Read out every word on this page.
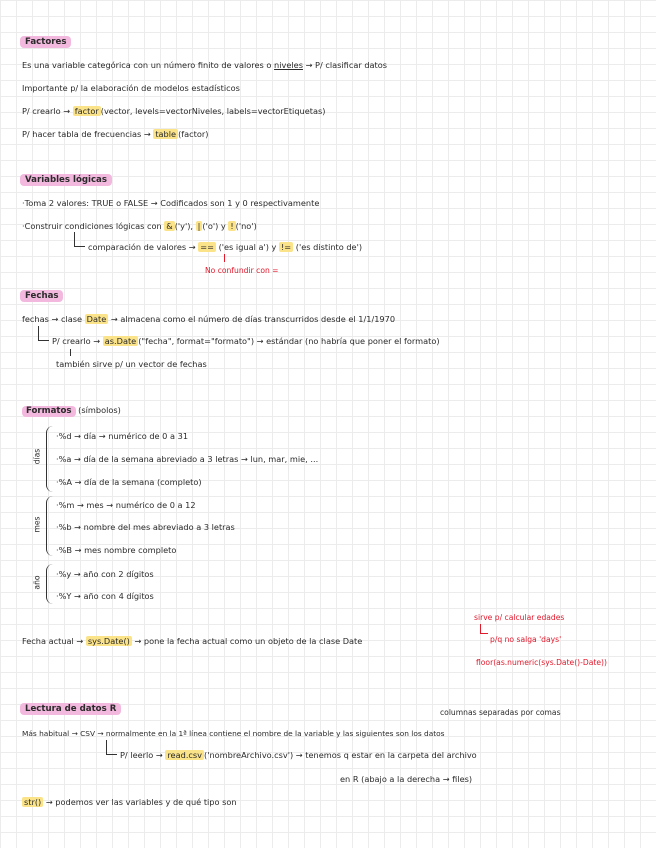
Factores
Es una variable categórica con un número finito de valores o niveles → P/ clasificar datos
Importante p/ la elaboración de modelos estadísticos
P/ crearlo → factor (vector, levels=vectorNiveles, labels=vectorEtiquetas)
P/ hacer tabla de frecuencias → table (factor)
Variables lógicas
·Toma 2 valores: TRUE o FALSE → Codificados son 1 y 0 respectivamente
·Construir condiciones lógicas con & ('y'), | ('o') y ! ('no')
comparación de valores → == ('es igual a') y != ('es distinto de')
No confundir con =
Fechas
fechas → clase Date → almacena como el número de días transcurridos desde el 1/1/1970
P/ crearlo → as.Date ("fecha", format="formato") → estándar (no habría que poner el formato)
también sirve p/ un vector de fechas
Formatos (símbolos)
días
·%d → día → numérico de 0 a 31
·%a → día de la semana abreviado a 3 letras → lun, mar, mie, ...
·%A → día de la semana (completo)
mes
·%m → mes → numérico de 0 a 12
·%b → nombre del mes abreviado a 3 letras
·%B → mes nombre completo
año
·%y → año con 2 dígitos
·%Y → año con 4 dígitos
Fecha actual → sys.Date() → pone la fecha actual como un objeto de la clase Date
sirve p/ calcular edades
p/q no salga 'days'
floor(as.numeric(sys.Date()-Date))
Lectura de datos R	columnas separadas por comas
Más habitual → CSV → normalmente en la 1ª línea contiene el nombre de la variable y las siguientes son los datos
P/ leerlo → read.csv ('nombreArchivo.csv') → tenemos q estar en la carpeta del archivo
en R (abajo a la derecha → files)
str() → podemos ver las variables y de qué tipo son
